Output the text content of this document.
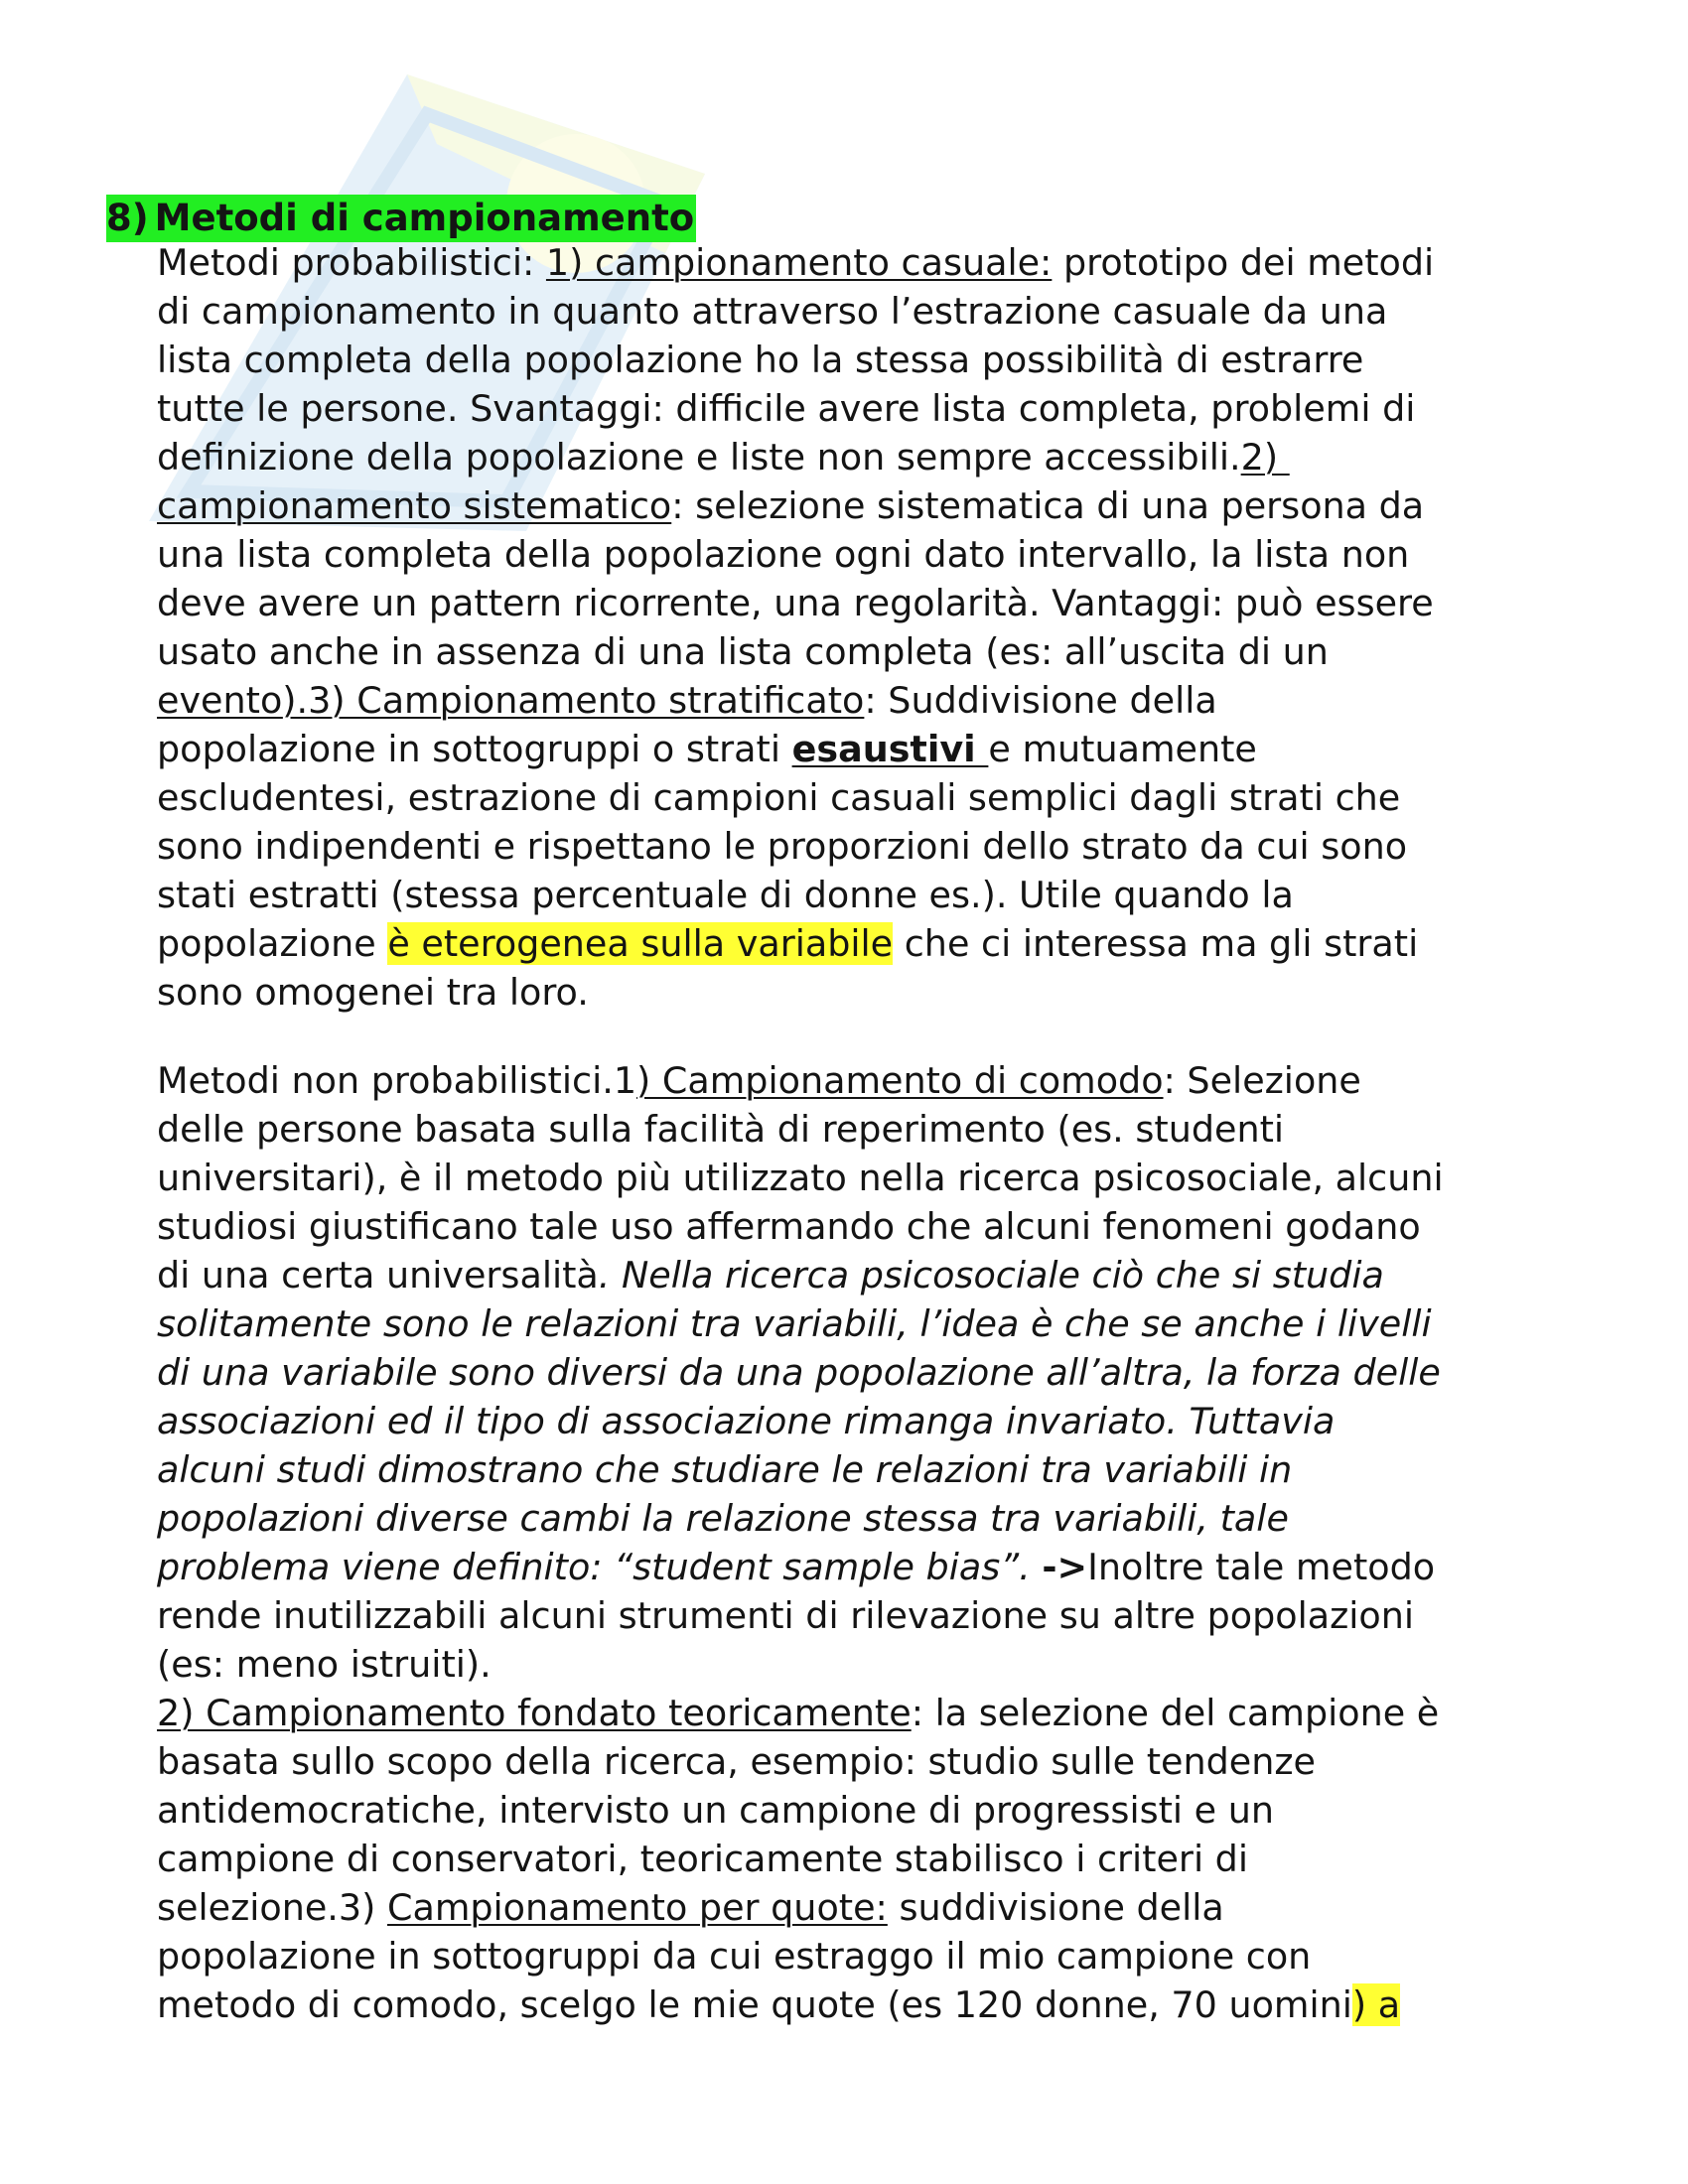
8) Metodi di campionamento

Metodi probabilistici: 1) campionamento casuale: prototipo dei metodi
di campionamento in quanto attraverso l’estrazione casuale da una
lista completa della popolazione ho la stessa possibilità di estrarre
tutte le persone. Svantaggi: difficile avere lista completa, problemi di
definizione della popolazione e liste non sempre accessibili.2)
campionamento sistematico: selezione sistematica di una persona da
una lista completa della popolazione ogni dato intervallo, la lista non
deve avere un pattern ricorrente, una regolarità. Vantaggi: può essere
usato anche in assenza di una lista completa (es: all’uscita di un
evento).3) Campionamento stratificato: Suddivisione della
popolazione in sottogruppi o strati esaustivi e mutuamente
escludentesi, estrazione di campioni casuali semplici dagli strati che
sono indipendenti e rispettano le proporzioni dello strato da cui sono
stati estratti (stessa percentuale di donne es.). Utile quando la
popolazione è eterogenea sulla variabile che ci interessa ma gli strati
sono omogenei tra loro.

Metodi non probabilistici.1) Campionamento di comodo: Selezione
delle persone basata sulla facilità di reperimento (es. studenti
universitari), è il metodo più utilizzato nella ricerca psicosociale, alcuni
studiosi giustificano tale uso affermando che alcuni fenomeni godano
di una certa universalità. Nella ricerca psicosociale ciò che si studia
solitamente sono le relazioni tra variabili, l’idea è che se anche i livelli
di una variabile sono diversi da una popolazione all’altra, la forza delle
associazioni ed il tipo di associazione rimanga invariato. Tuttavia
alcuni studi dimostrano che studiare le relazioni tra variabili in
popolazioni diverse cambi la relazione stessa tra variabili, tale
problema viene definito: “student sample bias”. ->Inoltre tale metodo
rende inutilizzabili alcuni strumenti di rilevazione su altre popolazioni
(es: meno istruiti).
2) Campionamento fondato teoricamente: la selezione del campione è
basata sullo scopo della ricerca, esempio: studio sulle tendenze
antidemocratiche, intervisto un campione di progressisti e un
campione di conservatori, teoricamente stabilisco i criteri di
selezione.3) Campionamento per quote: suddivisione della
popolazione in sottogruppi da cui estraggo il mio campione con
metodo di comodo, scelgo le mie quote (es 120 donne, 70 uomini) a
